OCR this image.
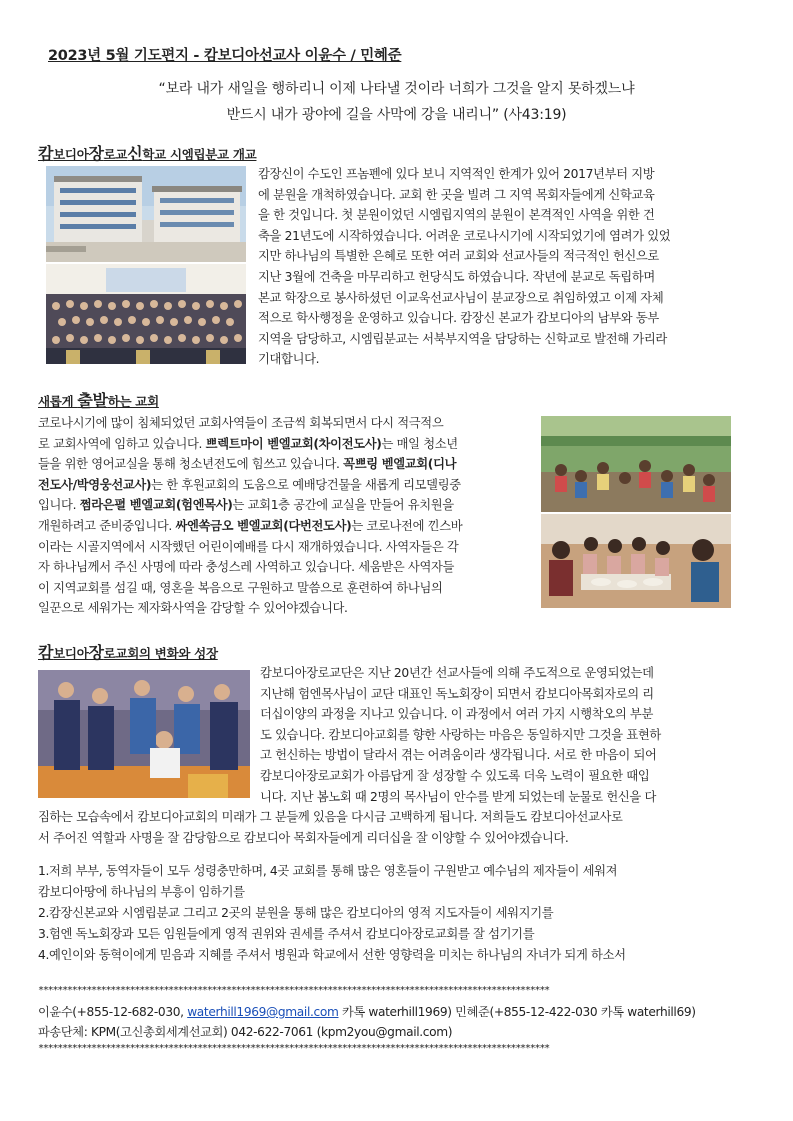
2023년 5월 기도편지 - 캄보디아선교사 이윤수 / 민혜준
“보라 내가 새일을 행하리니 이제 나타낼 것이라 너희가 그것을 알지 못하겠느냐
반드시 내가 광야에 길을 사막에 강을 내리니” (사43:19)
캄보디아장로교신학교 시엠립분교 개교
캄장신이 수도인 프놈펜에 있다 보니 지역적인 한계가 있어 2017년부터 지방
에 분원을 개척하였습니다. 교회 한 곳을 빌려 그 지역 목회자들에게 신학교육
을 한 것입니다. 첫 분원이었던 시엠립지역의 분원이 본격적인 사역을 위한 건
축을 21년도에 시작하였습니다. 어려운 코로나시기에 시작되었기에 염려가 있었
지만 하나님의 특별한 은혜로 또한 여러 교회와 선교사들의 적극적인 헌신으로
지난 3월에 건축을 마무리하고 헌당식도 하였습니다. 작년에 분교로 독립하며
본교 학장으로 봉사하셨던 이교욱선교사님이 분교장으로 취임하였고 이제 자체
적으로 학사행정을 운영하고 있습니다. 캄장신 본교가 캄보디아의 남부와 동부
지역을 담당하고, 시엠립분교는 서북부지역을 담당하는 신학교로 발전해 가리라
기대합니다.
새롭게 출발하는 교회
코로나시기에 많이 침체되었던 교회사역들이 조금씩 회복되면서 다시 적극적으
로 교회사역에 임하고 있습니다. 쁘렉트마이 벧엘교회(차이전도사)는 매일 청소년
들을 위한 영어교실을 통해 청소년전도에 힘쓰고 있습니다. 꼭쁘링 벧엘교회(디나
전도사/박영웅선교사)는 한 후원교회의 도움으로 예배당건물을 새롭게 리모델링중
입니다. 쩜라은펼 벧엘교회(험엔목사)는 교회1층 공간에 교실을 만들어 유치원을
개원하려고 준비중입니다. 싸엔쏙금오 벧엘교회(다번전도사)는 코로나전에 낀스바
이라는 시골지역에서 시작했던 어린이예배를 다시 재개하였습니다. 사역자들은 각
자 하나님께서 주신 사명에 따라 충성스레 사역하고 있습니다. 세움받은 사역자들
이 지역교회를 섬길 때, 영혼을 복음으로 구원하고 말씀으로 훈련하여 하나님의
일꾼으로 세워가는 제자화사역을 감당할 수 있어야겠습니다.
캄보디아장로교회의 변화와 성장
캄보디아장로교단은 지난 20년간 선교사들에 의해 주도적으로 운영되었는데
지난해 험엔목사님이 교단 대표인 독노회장이 되면서 캄보디아목회자로의 리
더십이양의 과정을 지나고 있습니다. 이 과정에서 여러 가지 시행착오의 부분
도 있습니다. 캄보디아교회를 향한 사랑하는 마음은 동일하지만 그것을 표현하
고 헌신하는 방법이 달라서 겪는 어려움이라 생각됩니다. 서로 한 마음이 되어
캄보디아장로교회가 아름답게 잘 성장할 수 있도록 더욱 노력이 필요한 때입
니다. 지난 봄노회 때 2명의 목사님이 안수를 받게 되었는데 눈물로 헌신을 다
짐하는 모습속에서 캄보디아교회의 미래가 그 분들께 있음을 다시금 고백하게 됩니다. 저희들도 캄보디아선교사로
서 주어진 역할과 사명을 잘 감당함으로 캄보디아 목회자들에게 리더십을 잘 이양할 수 있어야겠습니다.
1.저희 부부, 동역자들이 모두 성령충만하며, 4곳 교회를 통해 많은 영혼들이 구원받고 예수님의 제자들이 세워져
캄보디아땅에 하나님의 부흥이 임하기를
2.캄장신본교와 시엠립분교 그리고 2곳의 분원을 통해 많은 캄보디아의 영적 지도자들이 세워지기를
3.험엔 독노회장과 모든 임원들에게 영적 권위와 권세를 주셔서 캄보디아장로교회를 잘 섬기기를
4.예인이와 동혁이에게 믿음과 지혜를 주셔서 병원과 학교에서 선한 영향력을 미치는 하나님의 자녀가 되게 하소서
**********************************************************************************************************
이윤수(+855-12-682-030, waterhill1969@gmail.com 카톡 waterhill1969) 민혜준(+855-12-422-030 카톡 waterhill69)
파송단체: KPM(고신총회세계선교회) 042-622-7061 (kpm2you@gmail.com)
**********************************************************************************************************
